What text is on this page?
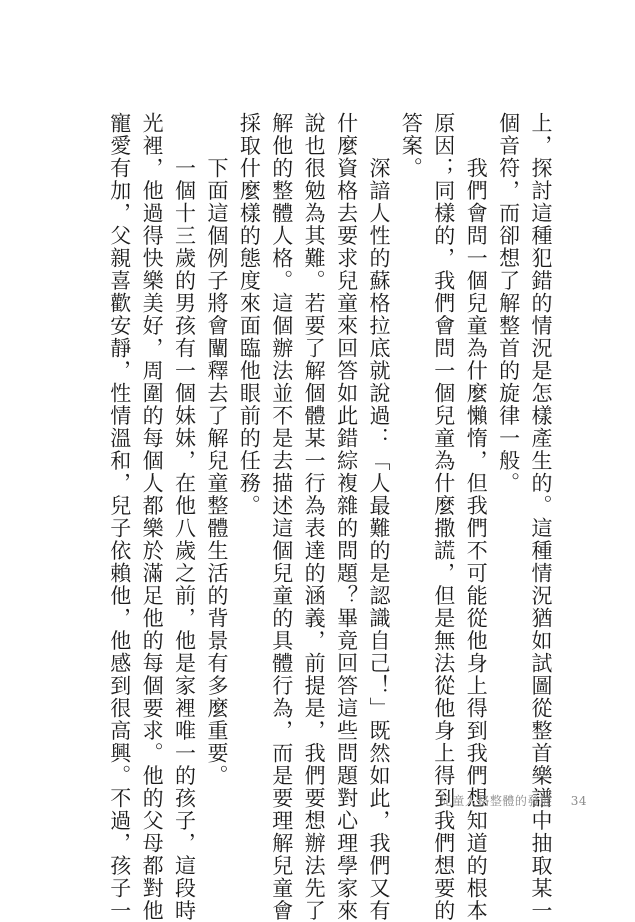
上，探討這種犯錯的情況是怎樣產生的。這種情況猶如試圖從整首樂譜中抽取某一
個音符，而卻想了解整首的旋律一般。
　　我們會問一個兒童為什麼懶惰，但我們不可能從他身上得到我們想知道的根本
原因；同樣的，我們會問一個兒童為什麼撒謊，但是無法從他身上得到我們想要的
答案。
　　深諳人性的蘇格拉底就說過：「人最難的是認識自己！」既然如此，我們又有
什麼資格去要求兒童來回答如此錯綜複雜的問題？畢竟回答這些問題對心理學家來
說也很勉為其難。若要了解個體某一行為表達的涵義，前提是，我們要想辦法先了
解他的整體人格。這個辦法並不是去描述這個兒童的具體行為，而是要理解兒童會
採取什麼樣的態度來面臨他眼前的任務。
　　下面這個例子將會闡釋去了解兒童整體生活的背景有多麼重要。
　　一個十三歲的男孩有一個妹妹，在他八歲之前，他是家裡唯一的孩子，這段時
光裡，他過得快樂美好，周圍的每個人都樂於滿足他的每個要求。他的父母都對他
寵愛有加，父親喜歡安靜，性情溫和，兒子依賴他，他感到很高興。不過，孩子一	兒童人格整體的發展 34
